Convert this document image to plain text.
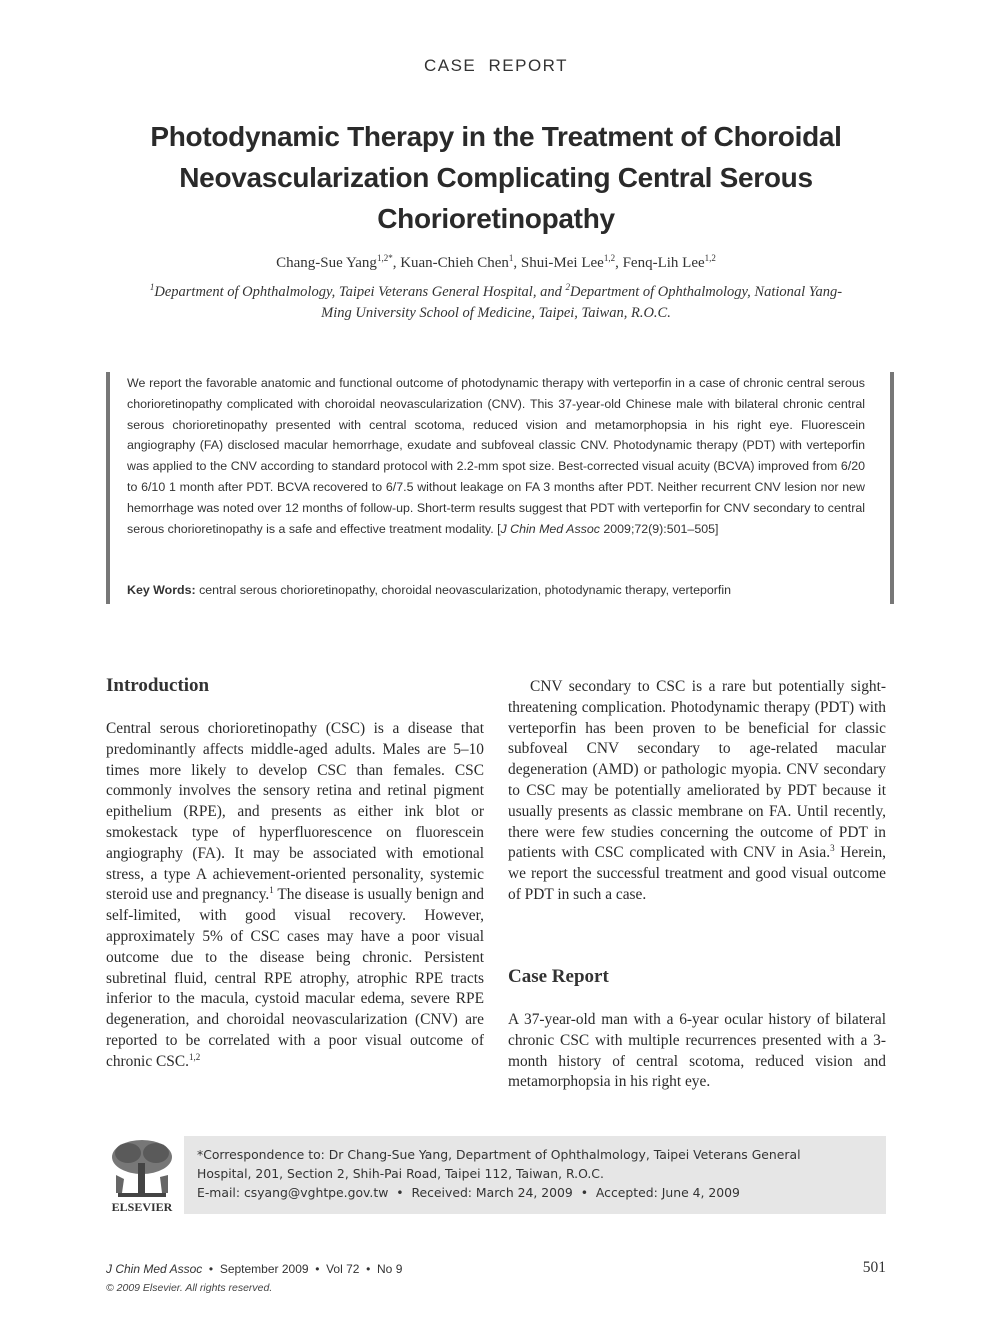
CASE REPORT
Photodynamic Therapy in the Treatment of Choroidal Neovascularization Complicating Central Serous Chorioretinopathy
Chang-Sue Yang$^{1,2*}$, Kuan-Chieh Chen$^1$, Shui-Mei Lee$^{1,2}$, Fenq-Lih Lee$^{1,2}$
$^1$Department of Ophthalmology, Taipei Veterans General Hospital, and $^2$Department of Ophthalmology, National Yang-Ming University School of Medicine, Taipei, Taiwan, R.O.C.
We report the favorable anatomic and functional outcome of photodynamic therapy with verteporfin in a case of chronic central serous chorioretinopathy complicated with choroidal neovascularization (CNV). This 37-year-old Chinese male with bilateral chronic central serous chorioretinopathy presented with central scotoma, reduced vision and metamorphopsia in his right eye. Fluorescein angiography (FA) disclosed macular hemorrhage, exudate and subfoveal classic CNV. Photodynamic therapy (PDT) with verteporfin was applied to the CNV according to standard protocol with 2.2-mm spot size. Best-corrected visual acuity (BCVA) improved from 6/20 to 6/10 1 month after PDT. BCVA recovered to 6/7.5 without leakage on FA 3 months after PDT. Neither recurrent CNV lesion nor new hemorrhage was noted over 12 months of follow-up. Short-term results suggest that PDT with verteporfin for CNV secondary to central serous chorioretinopathy is a safe and effective treatment modality. [J Chin Med Assoc 2009;72(9):501–505]
Key Words: central serous chorioretinopathy, choroidal neovascularization, photodynamic therapy, verteporfin
Introduction

Central serous chorioretinopathy (CSC) is a disease that predominantly affects middle-aged adults. Males are 5–10 times more likely to develop CSC than females. CSC commonly involves the sensory retina and retinal pigment epithelium (RPE), and presents as either ink blot or smokestack type of hyperfluorescence on fluorescein angiography (FA). It may be associated with emotional stress, a type A achievement-oriented personality, systemic steroid use and pregnancy.$^1$ The disease is usually benign and self-limited, with good visual recovery. However, approximately 5% of CSC cases may have a poor visual outcome due to the disease being chronic. Persistent subretinal fluid, central RPE atrophy, atrophic RPE tracts inferior to the macula, cystoid macular edema, severe RPE degeneration, and choroidal neovascularization (CNV) are reported to be correlated with a poor visual outcome of chronic CSC.$^{1,2}$

CNV secondary to CSC is a rare but potentially sight-threatening complication. Photodynamic therapy (PDT) with verteporfin has been proven to be beneficial for classic subfoveal CNV secondary to age-related macular degeneration (AMD) or pathologic myopia. CNV secondary to CSC may be potentially ameliorated by PDT because it usually presents as classic membrane on FA. Until recently, there were few studies concerning the outcome of PDT in patients with CSC complicated with CNV in Asia.$^3$ Herein, we report the successful treatment and good visual outcome of PDT in such a case.
Case Report
A 37-year-old man with a 6-year ocular history of bilateral chronic CSC with multiple recurrences presented with a 3-month history of central scotoma, reduced vision and metamorphopsia in his right eye.
ELSEVIER
*Correspondence to: Dr Chang-Sue Yang, Department of Ophthalmology, Taipei Veterans General
Hospital, 201, Section 2, Shih-Pai Road, Taipei 112, Taiwan, R.O.C.
E-mail: csyang@vghtpe.gov.tw  •  Received: March 24, 2009  •  Accepted: June 4, 2009
J Chin Med Assoc  •  September 2009  •  Vol 72  •  No 9
© 2009 Elsevier. All rights reserved.
501
